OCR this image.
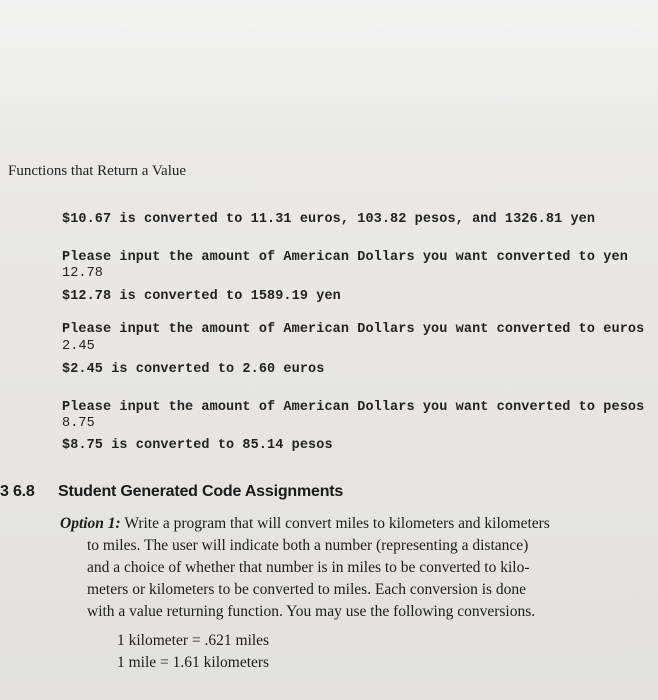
Functions that Return a Value
$10.67 is converted to 11.31 euros, 103.82 pesos, and 1326.81 yen
Please input the amount of American Dollars you want converted to yen
12.78
$12.78 is converted to 1589.19 yen
Please input the amount of American Dollars you want converted to euros
2.45
$2.45 is converted to 2.60 euros
Please input the amount of American Dollars you want converted to pesos
8.75
$8.75 is converted to 85.14 pesos
3 6.8 Student Generated Code Assignments
Option 1: Write a program that will convert miles to kilometers and kilometers
to miles. The user will indicate both a number (representing a distance)
and a choice of whether that number is in miles to be converted to kilo-
meters or kilometers to be converted to miles. Each conversion is done
with a value returning function. You may use the following conversions.
1 kilometer = .621 miles
1 mile = 1.61 kilometers
